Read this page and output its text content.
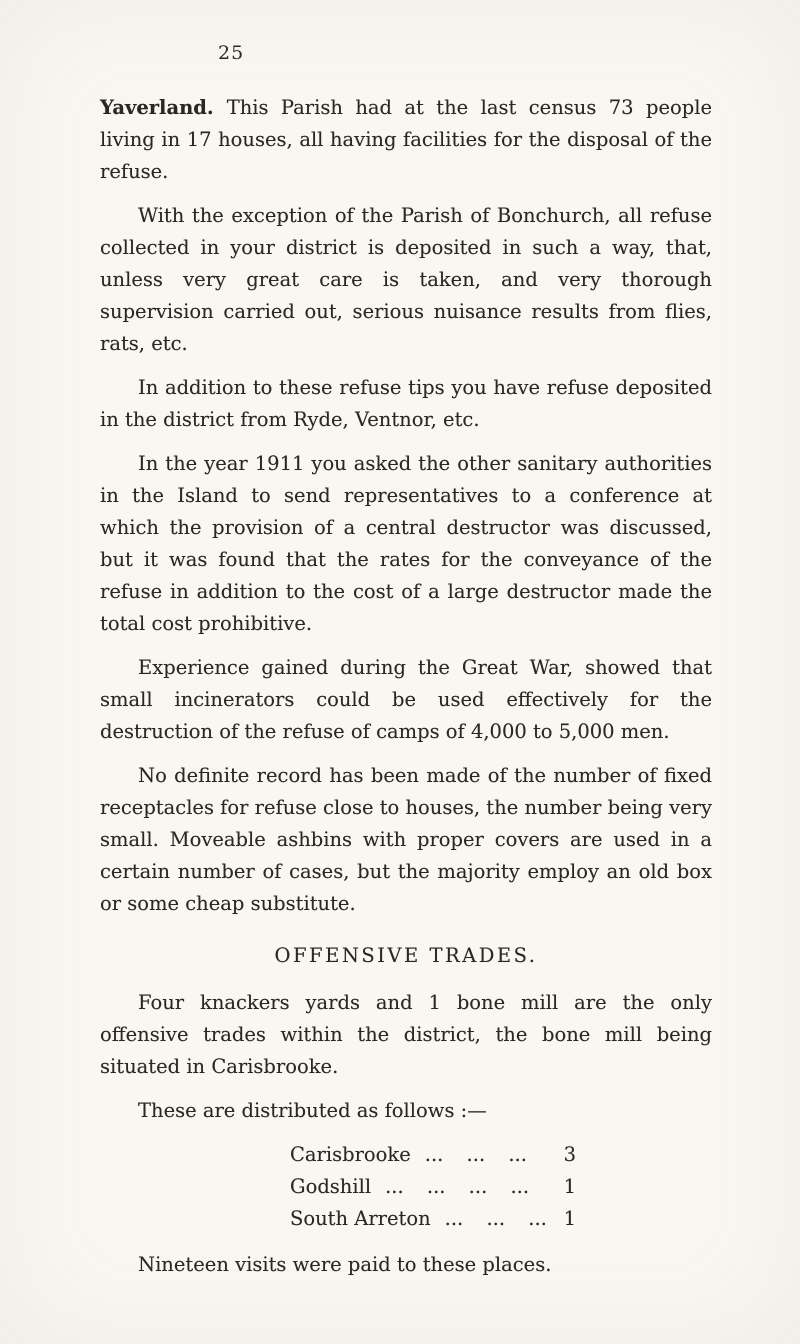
25

Yaverland. This Parish had at the last census 73 people living in 17 houses, all having facilities for the disposal of the refuse.

With the exception of the Parish of Bonchurch, all refuse collected in your district is deposited in such a way, that, unless very great care is taken, and very thorough supervision carried out, serious nuisance results from flies, rats, etc.

In addition to these refuse tips you have refuse deposited in the district from Ryde, Ventnor, etc.

In the year 1911 you asked the other sanitary authorities in the Island to send representatives to a conference at which the provision of a central destructor was discussed, but it was found that the rates for the conveyance of the refuse in addition to the cost of a large destructor made the total cost prohibitive.

Experience gained during the Great War, showed that small incinerators could be used effectively for the destruction of the refuse of camps of 4,000 to 5,000 men.

No definite record has been made of the number of fixed receptacles for refuse close to houses, the number being very small. Moveable ashbins with proper covers are used in a certain number of cases, but the majority employ an old box or some cheap substitute.

OFFENSIVE TRADES.

Four knackers yards and 1 bone mill are the only offensive trades within the district, the bone mill being situated in Carisbrooke.

These are distributed as follows :—

Carisbrooke ... ... ...	3
Godshill ... ... ... ...	1
South Arreton ... ... ... 1

Nineteen visits were paid to these places.
